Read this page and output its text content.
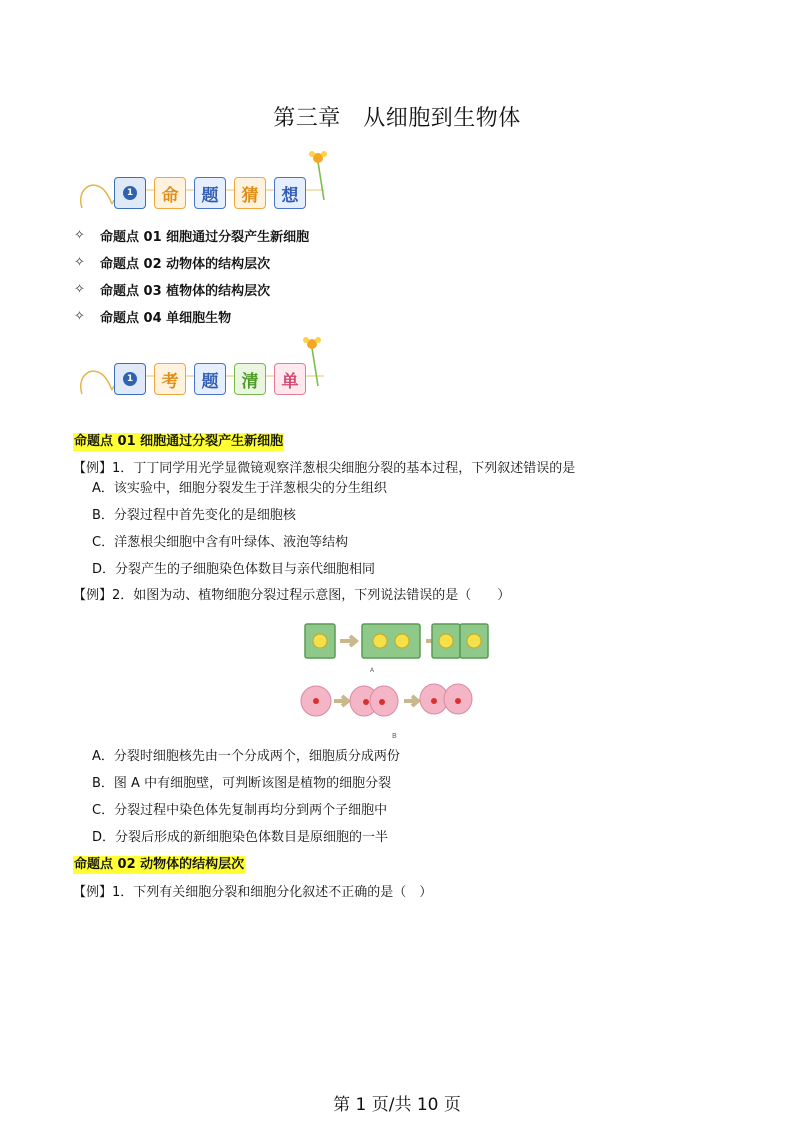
第三章　从细胞到生物体
1	命	题	猜	想
✧	命题点 01 细胞通过分裂产生新细胞
✧	命题点 02 动物体的结构层次
✧	命题点 03 植物体的结构层次
✧	命题点 04 单细胞生物
1	考	题	清	单
命题点 01 细胞通过分裂产生新细胞
【例】1．丁丁同学用光学显微镜观察洋葱根尖细胞分裂的基本过程，下列叙述错误的是
A．该实验中，细胞分裂发生于洋葱根尖的分生组织
B．分裂过程中首先变化的是细胞核
C．洋葱根尖细胞中含有叶绿体、液泡等结构
D．分裂产生的子细胞染色体数目与亲代细胞相同
【例】2．如图为动、植物细胞分裂过程示意图，下列说法错误的是（　　）
A
B
A．分裂时细胞核先由一个分成两个，细胞质分成两份
B．图 A 中有细胞壁，可判断该图是植物的细胞分裂
C．分裂过程中染色体先复制再均分到两个子细胞中
D．分裂后形成的新细胞染色体数目是原细胞的一半
命题点 02 动物体的结构层次
【例】1．下列有关细胞分裂和细胞分化叙述不正确的是（　）
第 1 页/共 10 页
